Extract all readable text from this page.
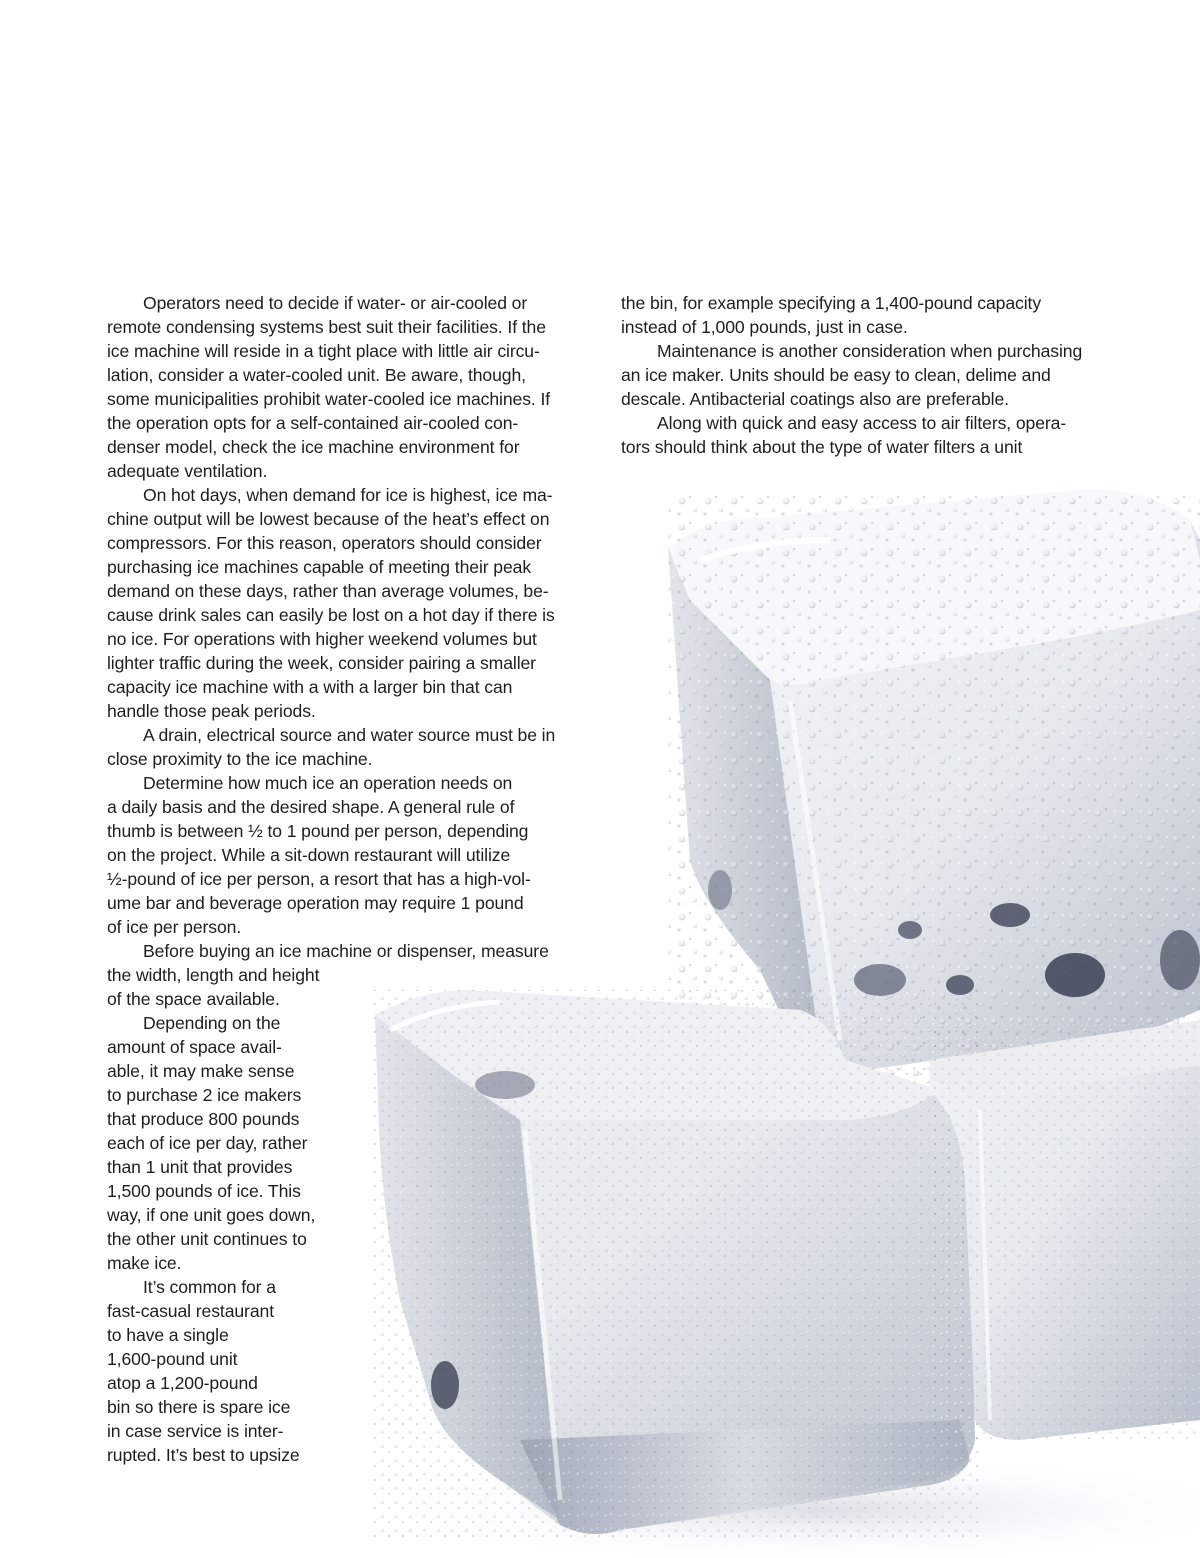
Operators need to decide if water- or air-cooled or
remote condensing systems best suit their facilities. If the
ice machine will reside in a tight place with little air circu-
lation, consider a water-cooled unit. Be aware, though,
some municipalities prohibit water-cooled ice machines. If
the operation opts for a self-contained air-cooled con-
denser model, check the ice machine environment for
adequate ventilation.
On hot days, when demand for ice is highest, ice ma-
chine output will be lowest because of the heat’s effect on
compressors. For this reason, operators should consider
purchasing ice machines capable of meeting their peak
demand on these days, rather than average volumes, be-
cause drink sales can easily be lost on a hot day if there is
no ice. For operations with higher weekend volumes but
lighter traffic during the week, consider pairing a smaller
capacity ice machine with a with a larger bin that can
handle those peak periods.
A drain, electrical source and water source must be in
close proximity to the ice machine.
Determine how much ice an operation needs on
a daily basis and the desired shape. A general rule of
thumb is between ½ to 1 pound per person, depending
on the project. While a sit-down restaurant will utilize
½-pound of ice per person, a resort that has a high-vol-
ume bar and beverage operation may require 1 pound
of ice per person.
Before buying an ice machine or dispenser, measure
the width, length and height
of the space available.
Depending on the
amount of space avail-
able, it may make sense
to purchase 2 ice makers
that produce 800 pounds
each of ice per day, rather
than 1 unit that provides
1,500 pounds of ice. This
way, if one unit goes down,
the other unit continues to
make ice.
It’s common for a
fast-casual restaurant
to have a single
1,600-pound unit
atop a 1,200-pound
bin so there is spare ice
in case service is inter-
rupted. It’s best to upsize
the bin, for example specifying a 1,400-pound capacity
instead of 1,000 pounds, just in case.
Maintenance is another consideration when purchasing
an ice maker. Units should be easy to clean, delime and
descale. Antibacterial coatings also are preferable.
Along with quick and easy access to air filters, opera-
tors should think about the type of water filters a unit
